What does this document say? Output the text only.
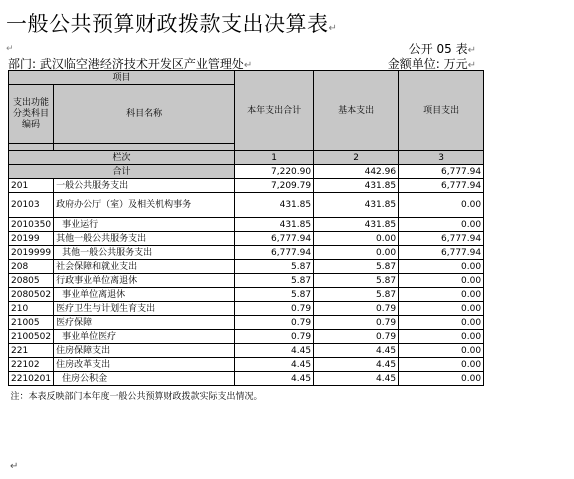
一般公共预算财政拨款支出决算表↵
↵	公开 05 表↵
部门: 武汉临空港经济技术开发区产业管理处↵	金额单位: 万元↵
项目		本年支出合计	基本支出	项目支出
支出功能分类科目编码	科目名称			

栏次		1	2	3
合计		7,220.90	442.96	6,777.94
201	一般公共服务支出	7,209.79	431.85	6,777.94
20103	政府办公厅（室）及相关机构事务	431.85	431.85	0.00
2010350	事业运行	431.85	431.85	0.00
20199	其他一般公共服务支出	6,777.94	0.00	6,777.94
2019999	其他一般公共服务支出	6,777.94	0.00	6,777.94
208	社会保障和就业支出	5.87	5.87	0.00
20805	行政事业单位离退休	5.87	5.87	0.00
2080502	事业单位离退休	5.87	5.87	0.00
210	医疗卫生与计划生育支出	0.79	0.79	0.00
21005	医疗保障	0.79	0.79	0.00
2100502	事业单位医疗	0.79	0.79	0.00
221	住房保障支出	4.45	4.45	0.00
22102	住房改革支出	4.45	4.45	0.00
2210201	住房公积金	4.45	4.45	0.00
注：本表反映部门本年度一般公共预算财政拨款实际支出情况。				
↵
